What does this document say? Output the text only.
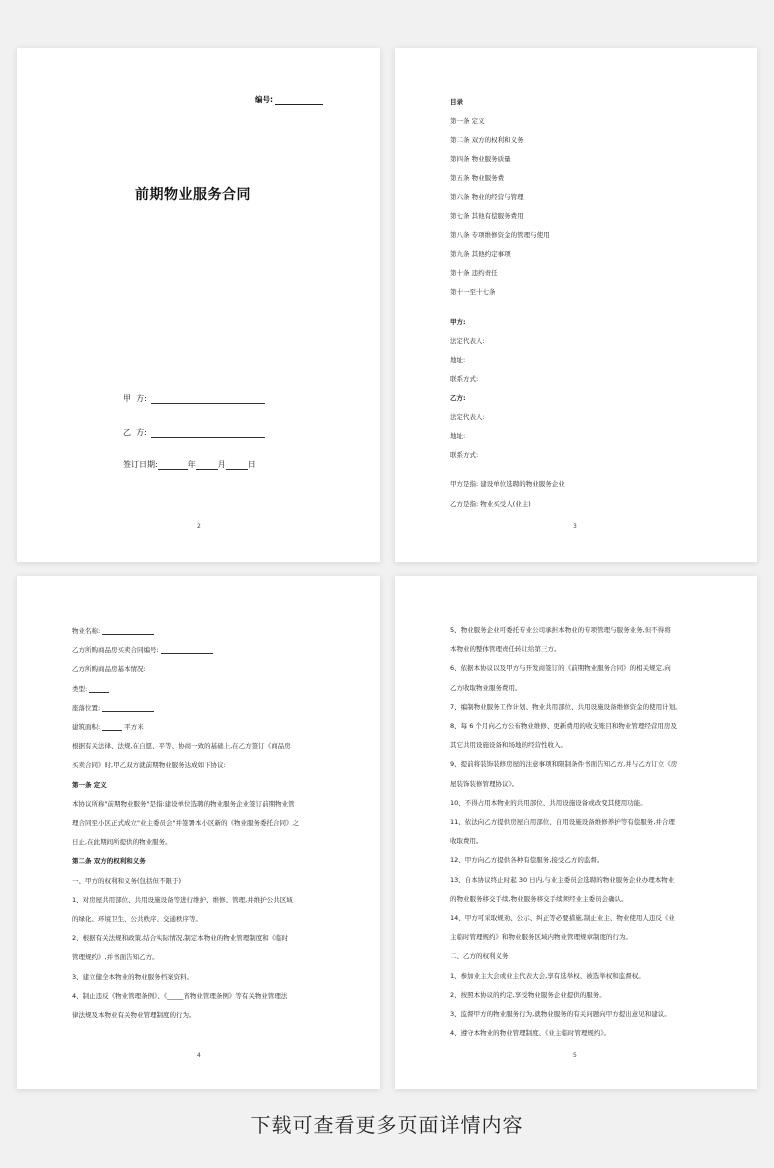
编号:
前期物业服务合同
甲  方:
乙  方:
签订日期:	年	月	日
2
目录
第一条 定义
第二条 双方的权利和义务
第四条 物业服务质量
第五条 物业服务费
第六条 物业的经营与管理
第七条 其他有偿服务费用
第八条 专项维修资金的管理与使用
第九条 其他约定事项
第十条 违约责任
第十一至十七条
甲方:
法定代表人:
地址:
联系方式:
乙方:
法定代表人:
地址:
联系方式:
甲方是指: 建设单位选聘的物业服务企业
乙方是指: 物业买受人(业主)
3
物业名称:
乙方所购商品房买卖合同编号:
乙方所购商品房基本情况:
类型:
座落位置:
建筑面积:	平方米
根据有关法律、法规,在自愿、平等、协商一致的基础上,在乙方签订《商品房
买卖合同》时,甲乙双方就前期物业服务达成如下协议:
第一条 定义
本协议所称"前期物业服务"是指:建设单位选聘的物业服务企业签订前期物业管
理合同至小区正式成立"业主委员会"并签署本小区新的《物业服务委托合同》之
日止,在此期间所提供的物业服务。
第二条 双方的权利和义务
一、甲方的权利和义务(包括但不限于)
1、对房屋共用部位、共用设施设备等进行维护、维修、管理,并维护公共区域
的绿化、环境卫生、公共秩序、交通秩序等。
2、根据有关法规和政策,结合实际情况,制定本物业的物业管理制度和《临时
管理规约》,并书面告知乙方。
3、建立健全本物业的物业服务档案资料。
4、制止违反《物业管理条例》、《_____省物业管理条例》等有关物业管理法
律法规及本物业有关物业管理制度的行为。
4
5、物业服务企业可委托专业公司承担本物业的专项管理与服务业务,但不得将
本物业的整体管理责任转让给第三方。
6、依据本协议以及甲方与开发商签订的《前期物业服务合同》的相关规定,向
乙方收取物业服务费用。
7、编制物业服务工作计划、物业共用部位、共用设施设备维修资金的使用计划。
8、每 6 个月向乙方公布物业维修、更新费用的收支账目和物业管理经营用房及
其它共用设施设备和场地的经营性收入。
9、提前将装饰装修房屋的注意事项和限制条件书面告知乙方,并与乙方订立《房
屋装饰装修管理协议》。
10、不得占用本物业的共用部位、共用设施设备或改变其使用功能。
11、依法向乙方提供房屋自用部位、自用设施设备维修养护等有偿服务,并合理
收取费用。
12、甲方向乙方提供各种有偿服务,接受乙方的监督。
13、自本协议终止时起 30 日内,与业主委员会选聘的物业服务企业办理本物业
的物业服务移交手续,物业服务移交手续须经业主委员会确认。
14、甲方可采取规劝、公示、纠正等必要措施,制止业主、物业使用人违反《业
主临时管理规约》和物业服务区域内物业管理规章制度的行为。
二、乙方的权利义务
1、参加业主大会或业主代表大会,享有选举权、被选举权和监督权。
2、按照本协议的约定,享受物业服务企业提供的服务。
3、监督甲方的物业服务行为,就物业服务的有关问题向甲方提出意见和建议。
4、遵守本物业的物业管理制度、《业主临时管理规约》。
5
下载可查看更多页面详情内容
